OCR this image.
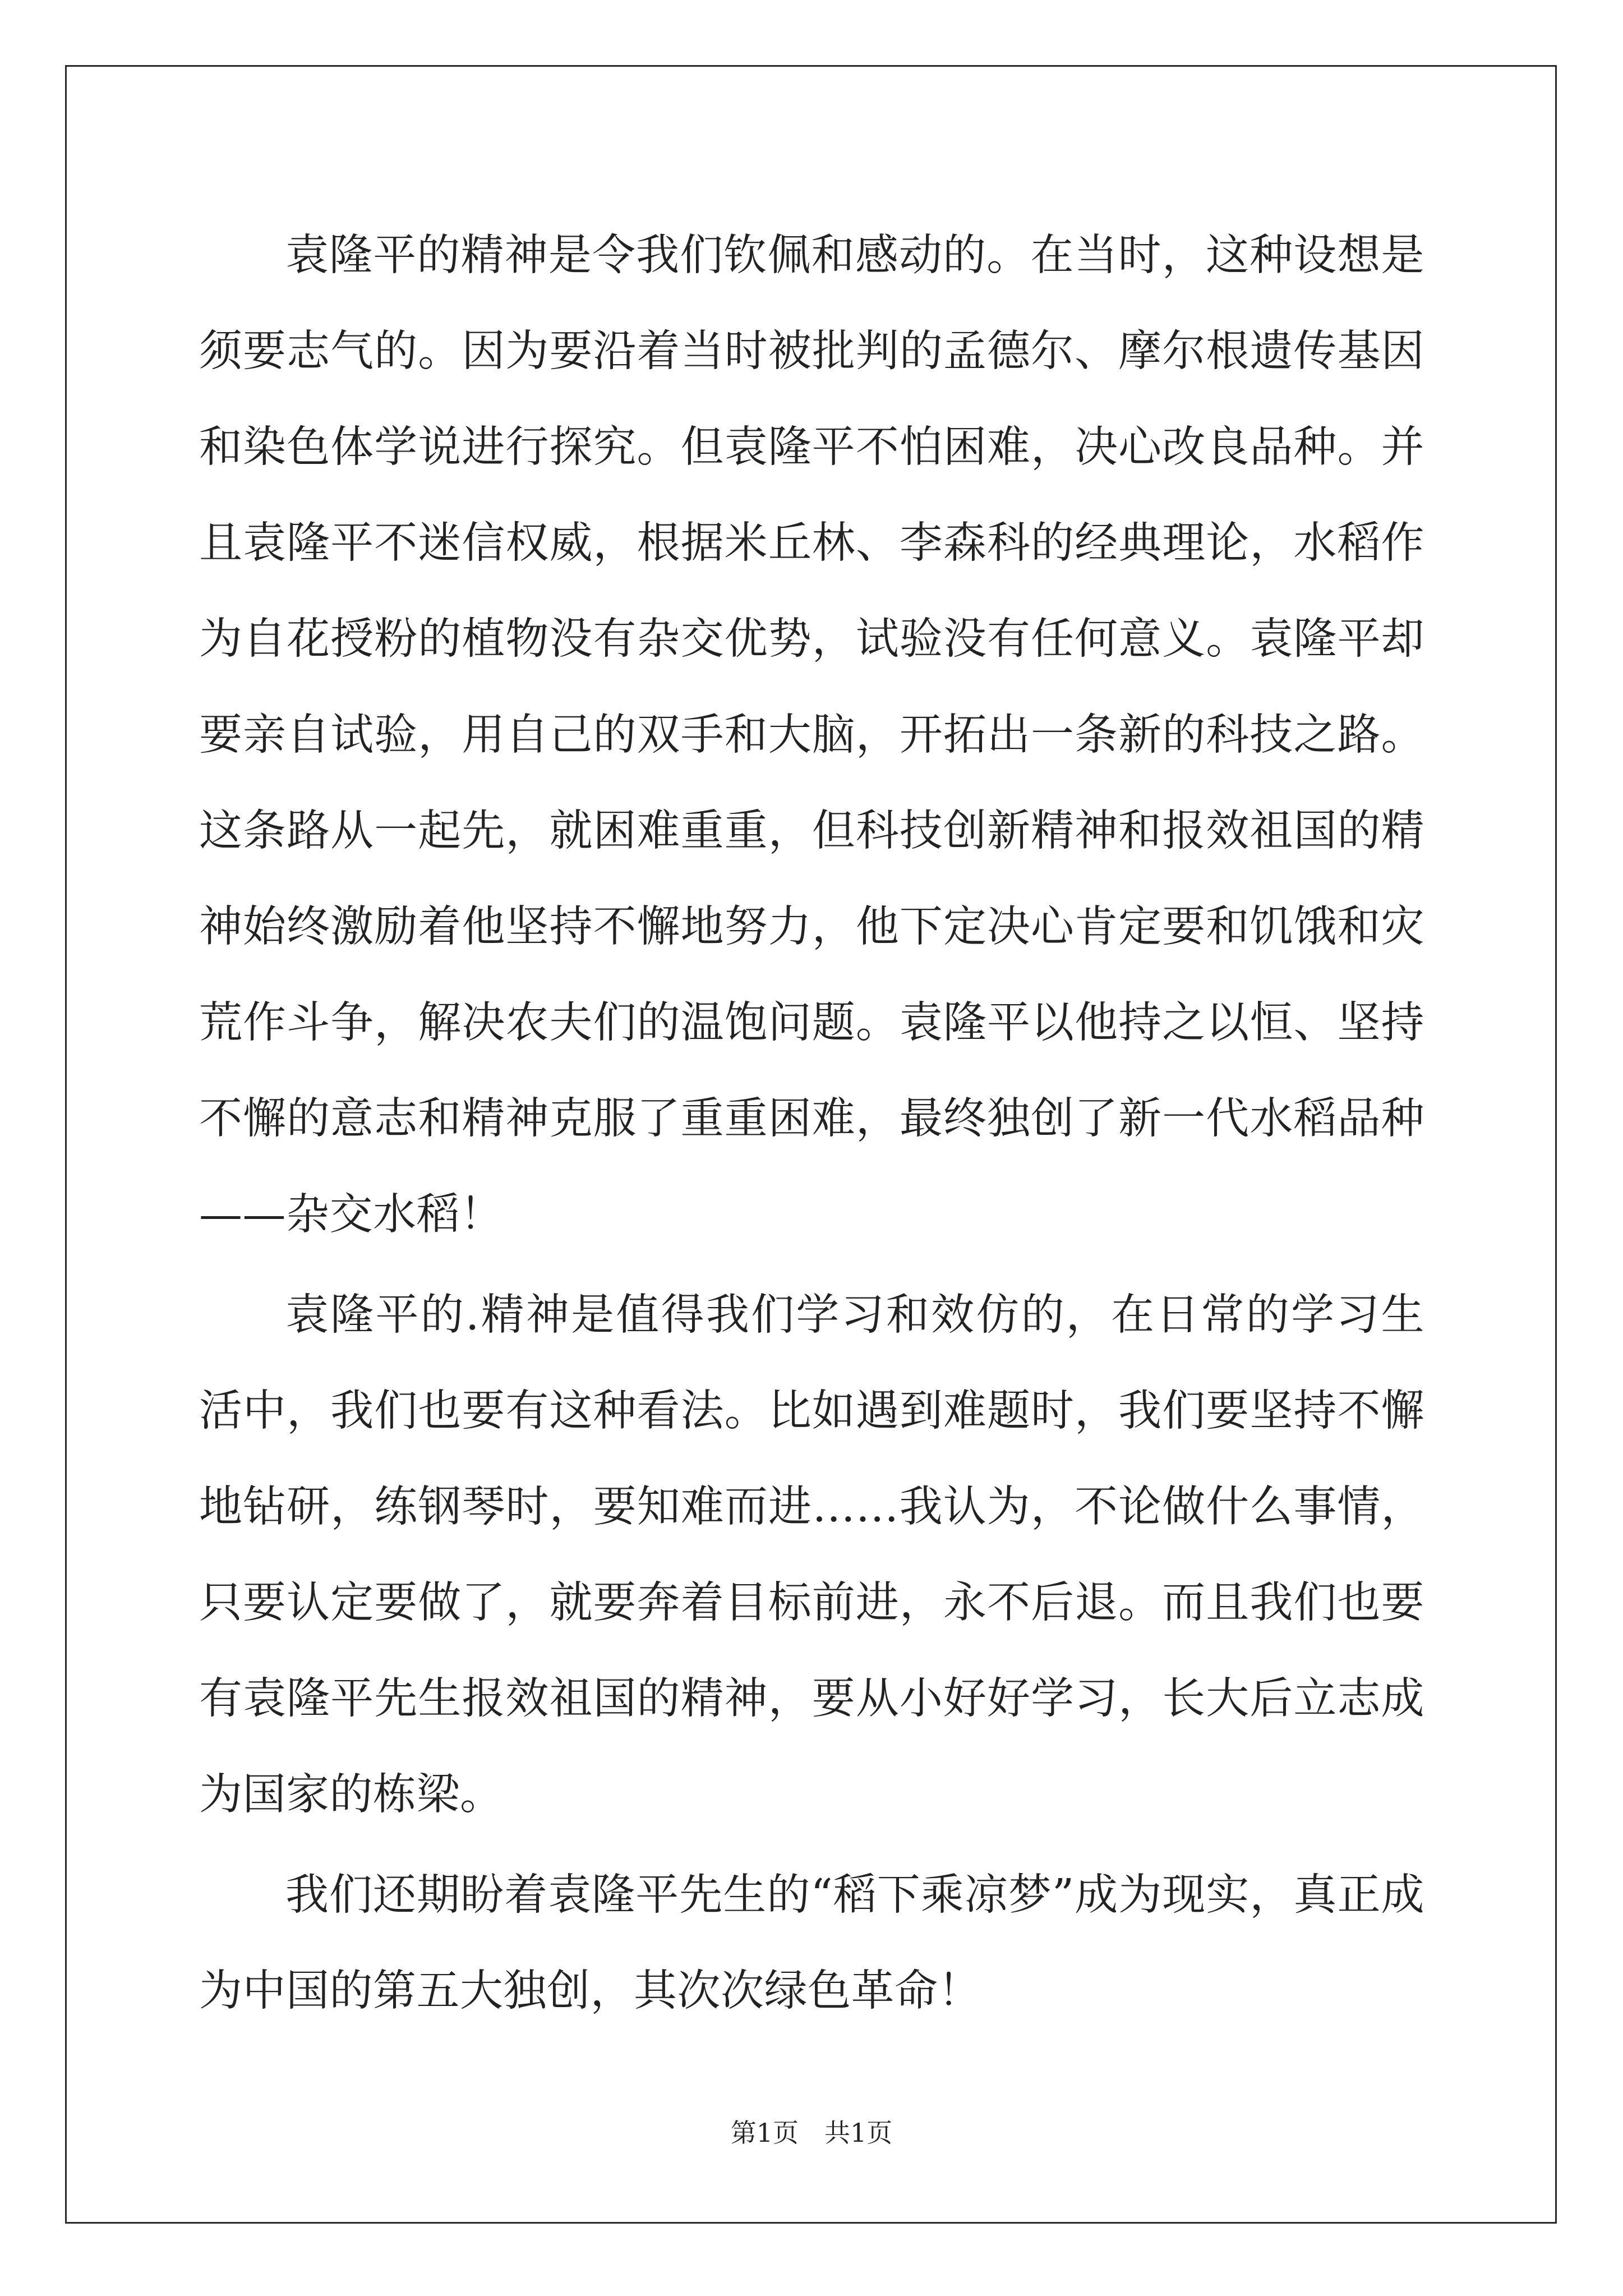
袁隆平的精神是令我们钦佩和感动的。在当时，这种设想是须要志气的。因为要沿着当时被批判的孟德尔、摩尔根遗传基因和染色体学说进行探究。但袁隆平不怕困难，决心改良品种。并且袁隆平不迷信权威，根据米丘林、李森科的经典理论，水稻作为自花授粉的植物没有杂交优势，试验没有任何意义。袁隆平却要亲自试验，用自己的双手和大脑，开拓出一条新的科技之路。这条路从一起先，就困难重重，但科技创新精神和报效祖国的精神始终激励着他坚持不懈地努力，他下定决心肯定要和饥饿和灾荒作斗争，解决农夫们的温饱问题。袁隆平以他持之以恒、坚持不懈的意志和精神克服了重重困难，最终独创了新一代水稻品种——杂交水稻！

袁隆平的.精神是值得我们学习和效仿的，在日常的学习生活中，我们也要有这种看法。比如遇到难题时，我们要坚持不懈地钻研，练钢琴时，要知难而进……我认为，不论做什么事情，只要认定要做了，就要奔着目标前进，永不后退。而且我们也要有袁隆平先生报效祖国的精神，要从小好好学习，长大后立志成为国家的栋梁。

我们还期盼着袁隆平先生的“稻下乘凉梦”成为现实，真正成为中国的第五大独创，其次次绿色革命！

第1页 共1页
